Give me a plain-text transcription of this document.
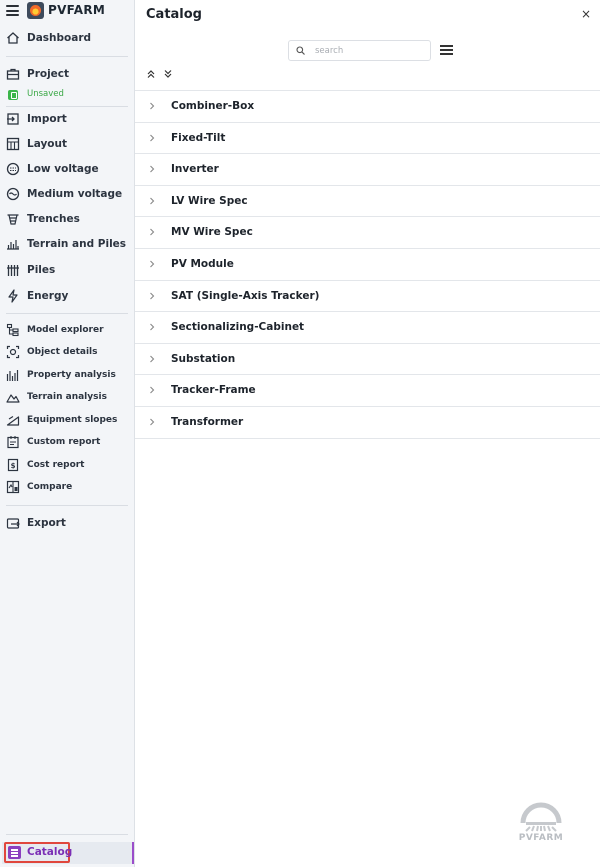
PVFARM
Dashboard
Project
Unsaved
Import
Layout
Low voltage
Medium voltage
Trenches
Terrain and Piles
Piles
Energy
Model explorer
Object details
Property analysis
Terrain analysis
Equipment slopes
Custom report
$ Cost report
Compare
Export
Catalog
Catalog	×
search
Combiner-Box
Fixed-Tilt
Inverter
LV Wire Spec
MV Wire Spec
PV Module
SAT (Single-Axis Tracker)
Sectionalizing-Cabinet
Substation
Tracker-Frame
Transformer
PVFARM
